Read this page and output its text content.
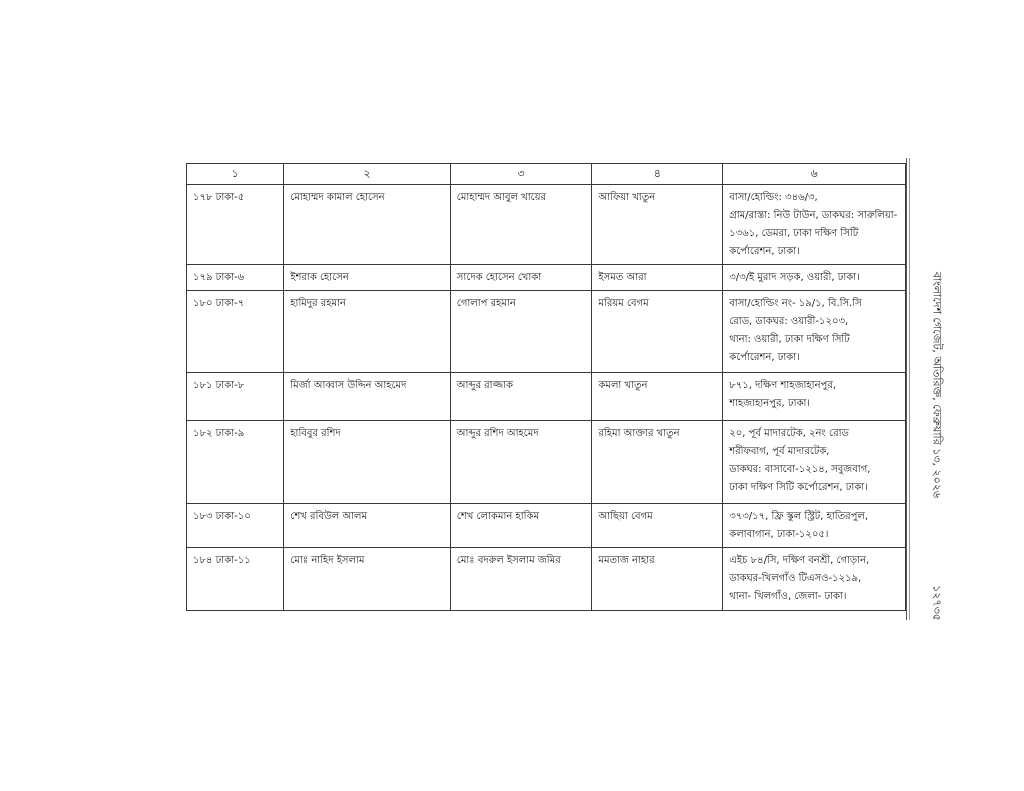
১	২	৩	৪	৬
১৭৮ ঢাকা-৫	মোহাম্মদ কামাল হোসেন	মোহাম্মদ আবুল খায়ের	আফিয়া খাতুন	বাসা/হোল্ডিং: ৩৪৬/৩,
গ্রাম/রাস্তা: নিউ টাউন, ডাকঘর: সারুলিয়া-
১৩৬১, ডেমরা, ঢাকা দক্ষিণ সিটি
কর্পোরেশন, ঢাকা।

১৭৯ ঢাকা-৬	ইশরাক হোসেন	সাদেক হোসেন খোকা	ইসমত আরা	৩/৩/ই মুরাদ সড়ক, ওয়ারী, ঢাকা।

১৮০ ঢাকা-৭	হামিদুর রহমান	গোলাপ রহমান	মরিয়ম বেগম	বাসা/হোল্ডিং নং- ১৯/১, বি.সি.সি
রোড, ডাকঘর: ওয়ারী-১২০৩,
থানা: ওয়ারী, ঢাকা দক্ষিণ সিটি
কর্পোরেশন, ঢাকা।

১৮১ ঢাকা-৮	মির্জা আব্বাস উদ্দিন আহমেদ	আব্দুর রাজ্জাক	কমলা খাতুন	৮৭১, দক্ষিণ শাহজাহানপুর,
শাহজাহানপুর, ঢাকা।

১৮২ ঢাকা-৯	হাবিবুর রশিদ	আব্দুর রশিদ আহমেদ	রহিমা আক্তার খাতুন	২০, পূর্ব মাদারটেক, ২নং রোড
শরীফবাগ, পূর্ব মাদারটেক,
ডাকঘর: বাসাবো-১২১৪, সবুজবাগ,
ঢাকা দক্ষিণ সিটি কর্পোরেশন, ঢাকা।

১৮৩ ঢাকা-১০	শেখ রবিউল আলম	শেখ লোকমান হাকিম	আছিয়া বেগম	৩৭৩/১৭, ফ্রি স্কুল স্ট্রিট, হাতিরপুল,
কলাবাগান, ঢাকা-১২০৫।

১৮৪ ঢাকা-১১	মোঃ নাহিদ ইসলাম	মোঃ বদরুল ইসলাম জমির	মমতাজ নাহার	এইচ ৮৪/সি, দক্ষিণ বনশ্রী, গোড়ান,
ডাকঘর-খিলগাঁও টিএসও-১২১৯,
থানা- খিলগাঁও, জেলা- ঢাকা।
বাংলাদেশ গেজেট, অতিরিক্ত, ফেব্রুয়ারি ১৩, ২০২৬
১২৭৩৫
